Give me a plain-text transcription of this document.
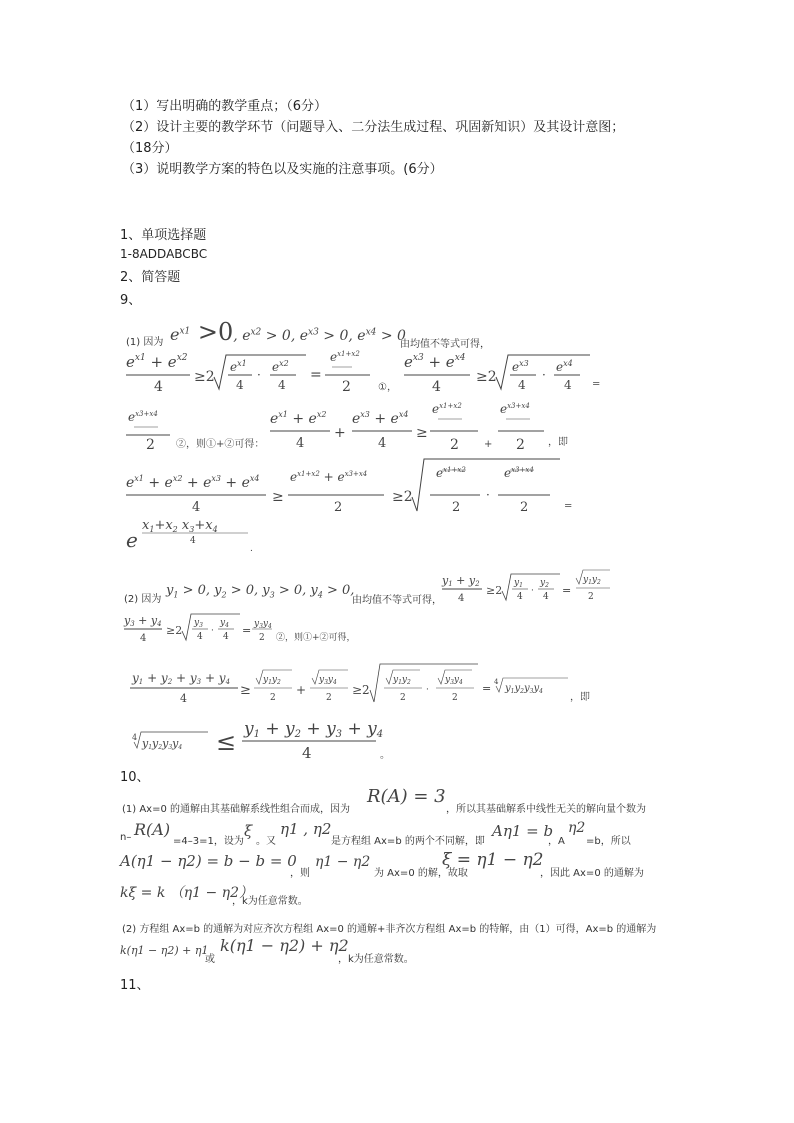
（1）写出明确的教学重点；（6分）
（2）设计主要的教学环节（问题导入、二分法生成过程、巩固新知识）及其设计意图；
（18分）
（3）说明教学方案的特色以及实施的注意事项。(6分）
1、单项选择题
1-8ADDABCBC
2、简答题
9、
(1) 因为 $e^{x1} >0$, $e^{x2} > 0$, $e^{x3} > 0$, $e^{x4} > 0$
由均值不等式可得，
$e^{x1} + e^{x2}$
4
≥2
$e^{x1}$
4
·
$e^{x2}$
4
=
$e^{x1+x2}$
2	①，
$e^{x3} + e^{x4}$
4
≥2
$e^{x3}$
4
·
$e^{x4}$
4 =
$e^{x3+x4}$
2 ②，则①+②可得：
$e^{x1} + e^{x2}$
4
+
$e^{x3} + e^{x4}$
4
≥
$e^{x1+x2}$
2	+
$e^{x3+x4}$
2 ，即
$e^{x1} + e^{x2} + e^{x3} + e^{x4}$
4
≥
$e^{x1+x2} + e^{x3+x4}$
2
≥2
$e^{x1+x2}$
2
·
$e^{x3+x4}$
2	=
e
$x_1+x_2$ $x_3+x_4$
4
.
(2) 因为
$y_1 > 0$, $y_2 > 0$, $y_3 > 0$, $y_4 > 0$,
由均值不等式可得，
y1 + y2
4
≥2
$y_1$
4
·
$y_2$
4 =
$y_1y_2$
2
y3 + y4
4
≥2
$y_3$
4
·
$y_4$
$4 = y_3y_4$
2 ②，则①+②可得，
y1 + y2 + y3 + y4
4
≥
$y_1y_2$
2
+
$y_3y_4$
2
≥2
$y_1y_2$
2
·
$y_3y_4$
2
= 4
$y_1y_2y_3y_4$
，即
4 y1y2y3y4 ≤ y1 + y2 + y3 + y4
4	。
10、
(1) Ax=0 的通解由其基础解系线性组合而成，因为
R(A) = 3
，所以其基础解系中线性无关的解向量个数为
n– R(A)
=4–3=1，设为
ξ
。又
η1 , η2
是方程组 Ax=b 的两个不同解，即
Aη1 = b
，A
η2
=b，所以
A(η1 − η2) = b − b = 0
，则
η1 − η2
为 Ax=0 的解，故取
ξ = η1 − η2
，因此 Ax=0 的通解为
kξ = k （η1 − η2）
，k为任意常数。
(2) 方程组 Ax=b 的通解为对应齐次方程组 Ax=0 的通解+非齐次方程组 Ax=b 的特解，由（1）可得，Ax=b 的通解为
k(η1 − η2) + η1
或
k(η1 − η2) + η2
，k为任意常数。
11、
